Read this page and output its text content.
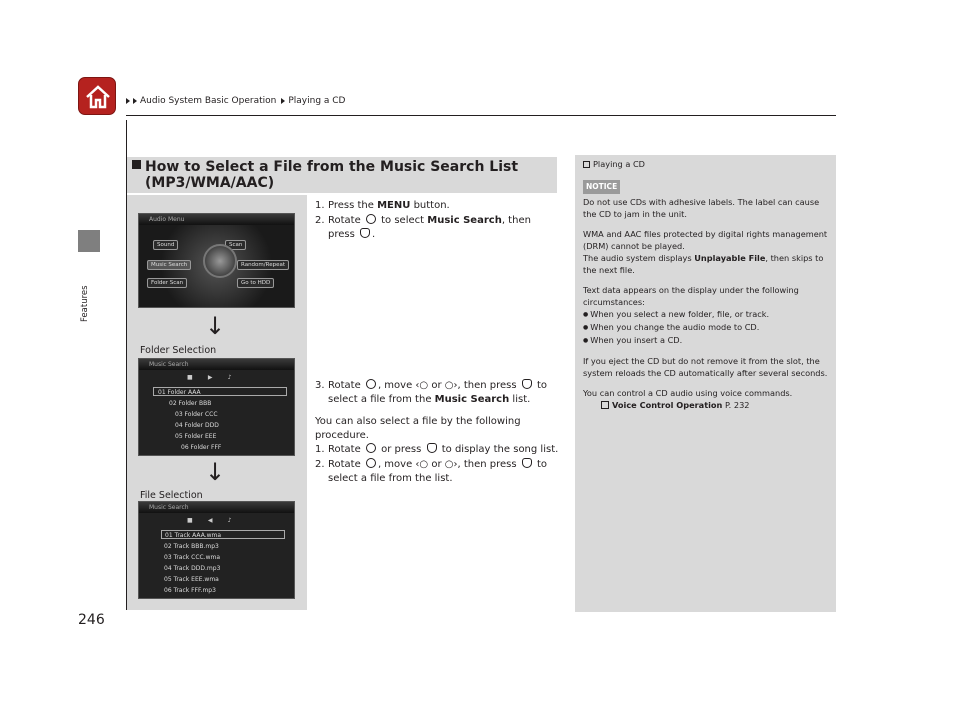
Audio System Basic Operation Playing a CD
Features
246
How to Select a File from the Music Search List
(MP3/WMA/AAC)
Audio Menu
Sound	Scan
Music Search	Random/Repeat
Folder Scan	Go to HDD
↓
Folder Selection
Music Search
■        ▶        ♪
01 Folder AAA
02 Folder BBB
03 Folder CCC
04 Folder DDD
05 Folder EEE
06 Folder FFF
↓
File Selection
Music Search
■        ◀        ♪
01 Track AAA.wma
02 Track BBB.mp3
03 Track CCC.wma
04 Track DDD.mp3
05 Track EEE.wma
06 Track FFF.mp3
1. Press the MENU button.
2. Rotate to select Music Search, then press .
3. Rotate , move ‹○ or ○›, then press to select a file from the Music Search list.
You can also select a file by the following procedure.
1. Rotate or press to display the song list.
2. Rotate , move ‹○ or ○›, then press to select a file from the list.
Playing a CD
NOTICE

Do not use CDs with adhesive labels. The label can cause the CD to jam in the unit.

WMA and AAC files protected by digital rights management (DRM) cannot be played.

The audio system displays Unplayable File, then skips to the next file.

Text data appears on the display under the following circumstances:

● When you select a new folder, file, or track.
● When you change the audio mode to CD.
● When you insert a CD.

If you eject the CD but do not remove it from the slot, the system reloads the CD automatically after several seconds.

You can control a CD audio using voice commands.

Voice Control Operation P. 232
